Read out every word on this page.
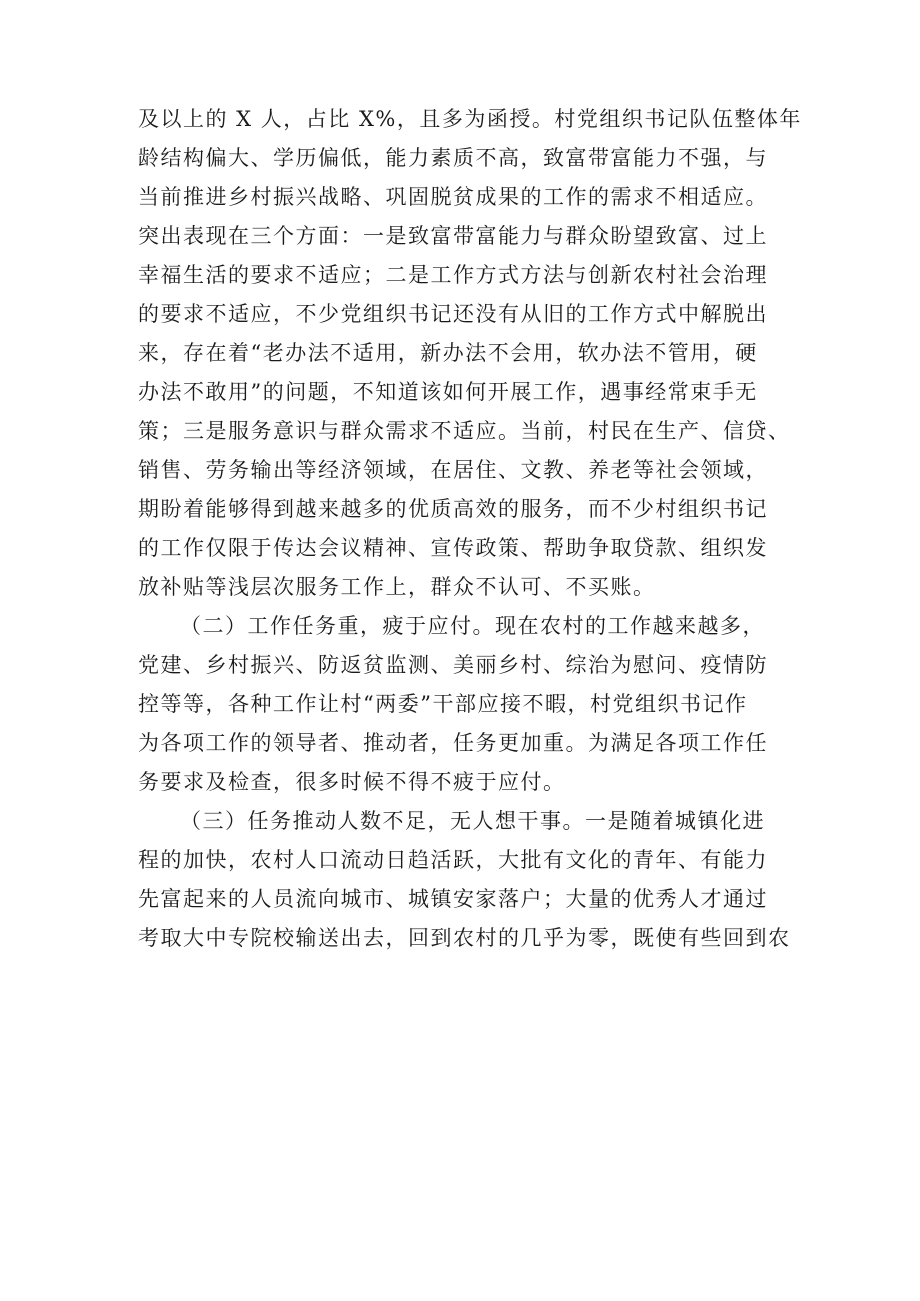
及以上的 X 人，占比 X%，且多为函授。村党组织书记队伍整体年
龄结构偏大、学历偏低，能力素质不高，致富带富能力不强，与
当前推进乡村振兴战略、巩固脱贫成果的工作的需求不相适应。
突出表现在三个方面：一是致富带富能力与群众盼望致富、过上
幸福生活的要求不适应；二是工作方式方法与创新农村社会治理
的要求不适应，不少党组织书记还没有从旧的工作方式中解脱出
来，存在着“老办法不适用，新办法不会用，软办法不管用，硬
办法不敢用”的问题，不知道该如何开展工作，遇事经常束手无
策；三是服务意识与群众需求不适应。当前，村民在生产、信贷、
销售、劳务输出等经济领域，在居住、文教、养老等社会领域，
期盼着能够得到越来越多的优质高效的服务，而不少村组织书记
的工作仅限于传达会议精神、宣传政策、帮助争取贷款、组织发
放补贴等浅层次服务工作上，群众不认可、不买账。
（二）工作任务重，疲于应付。现在农村的工作越来越多，
党建、乡村振兴、防返贫监测、美丽乡村、综治为慰问、疫情防
控等等，各种工作让村“两委”干部应接不暇，村党组织书记作
为各项工作的领导者、推动者，任务更加重。为满足各项工作任
务要求及检查，很多时候不得不疲于应付。
（三）任务推动人数不足，无人想干事。一是随着城镇化进
程的加快，农村人口流动日趋活跃，大批有文化的青年、有能力
先富起来的人员流向城市、城镇安家落户；大量的优秀人才通过
考取大中专院校输送出去，回到农村的几乎为零，既使有些回到农
